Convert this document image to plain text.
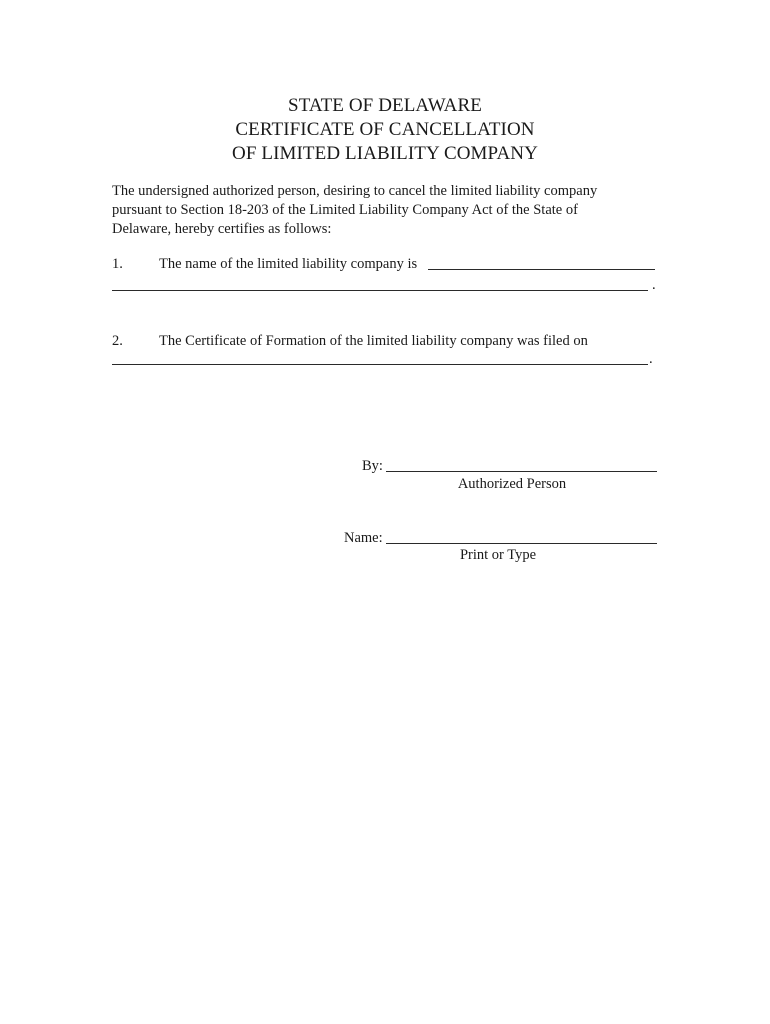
STATE OF DELAWARE
CERTIFICATE OF CANCELLATION
OF LIMITED LIABILITY COMPANY
The undersigned authorized person, desiring to cancel the limited liability company
pursuant to Section 18-203 of the Limited Liability Company Act of the State of
Delaware, hereby certifies as follows:
1. The name of the limited liability company is
.
2. The Certificate of Formation of the limited liability company was filed on
.
By:
Authorized Person
Name:
Print or Type
